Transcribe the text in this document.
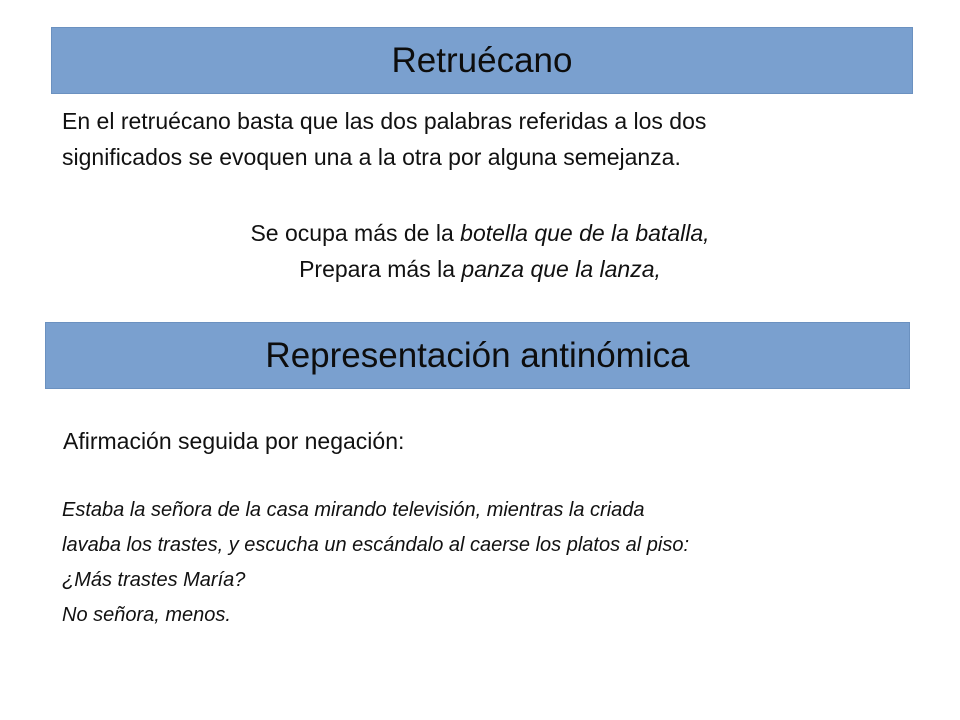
Retruécano
En el retruécano basta que las dos palabras referidas a los dos
significados se evoquen una a la otra por alguna semejanza.
Se ocupa más de la botella que de la batalla,
Prepara más la panza que la lanza,
Representación antinómica
Afirmación seguida por negación:
Estaba la señora de la casa mirando televisión, mientras la criada
lavaba los trastes, y escucha un escándalo al caerse los platos al piso:
¿Más trastes María?
No señora, menos.
